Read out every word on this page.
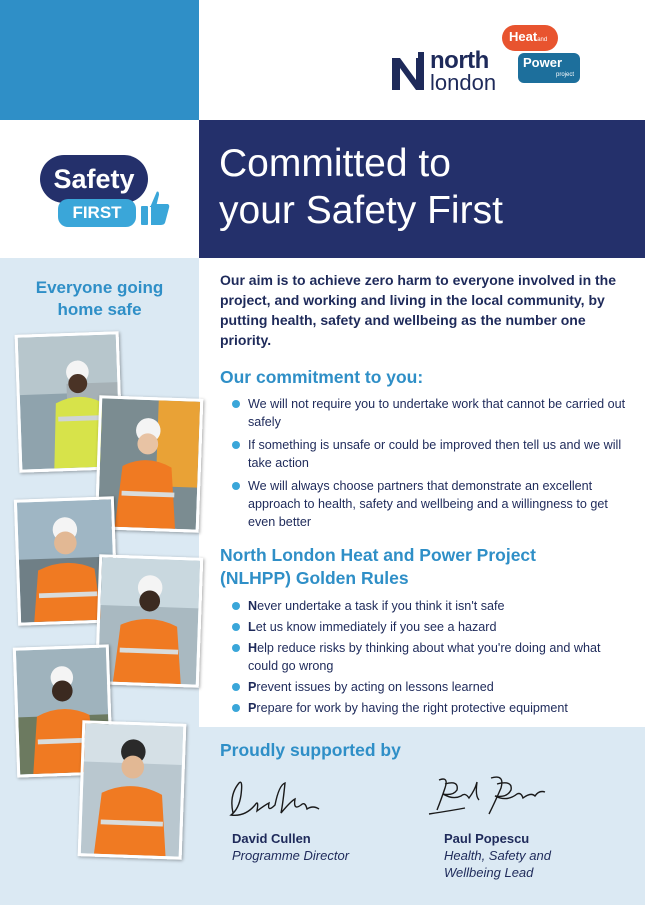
north
london
Heatand
Power
project
Safety
FIRST
Committed to
your Safety First
Everyone going home safe
Our aim is to achieve zero harm to everyone involved in the project, and working and living in the local community, by putting health, safety and wellbeing as the number one priority.
Our commitment to you:
We will not require you to undertake work that cannot be carried out safely
If something is unsafe or could be improved then tell us and we will take action
We will always choose partners that demonstrate an excellent approach to health, safety and wellbeing and a willingness to get even better
North London Heat and Power Project
(NLHPP) Golden Rules
Never undertake a task if you think it isn't safe
Let us know immediately if you see a hazard
Help reduce risks by thinking about what you're doing and what could go wrong
Prevent issues by acting on lessons learned
Prepare for work by having the right protective equipment
Proudly supported by
David Cullen
Programme Director
Paul Popescu
Health, Safety and Wellbeing Lead
